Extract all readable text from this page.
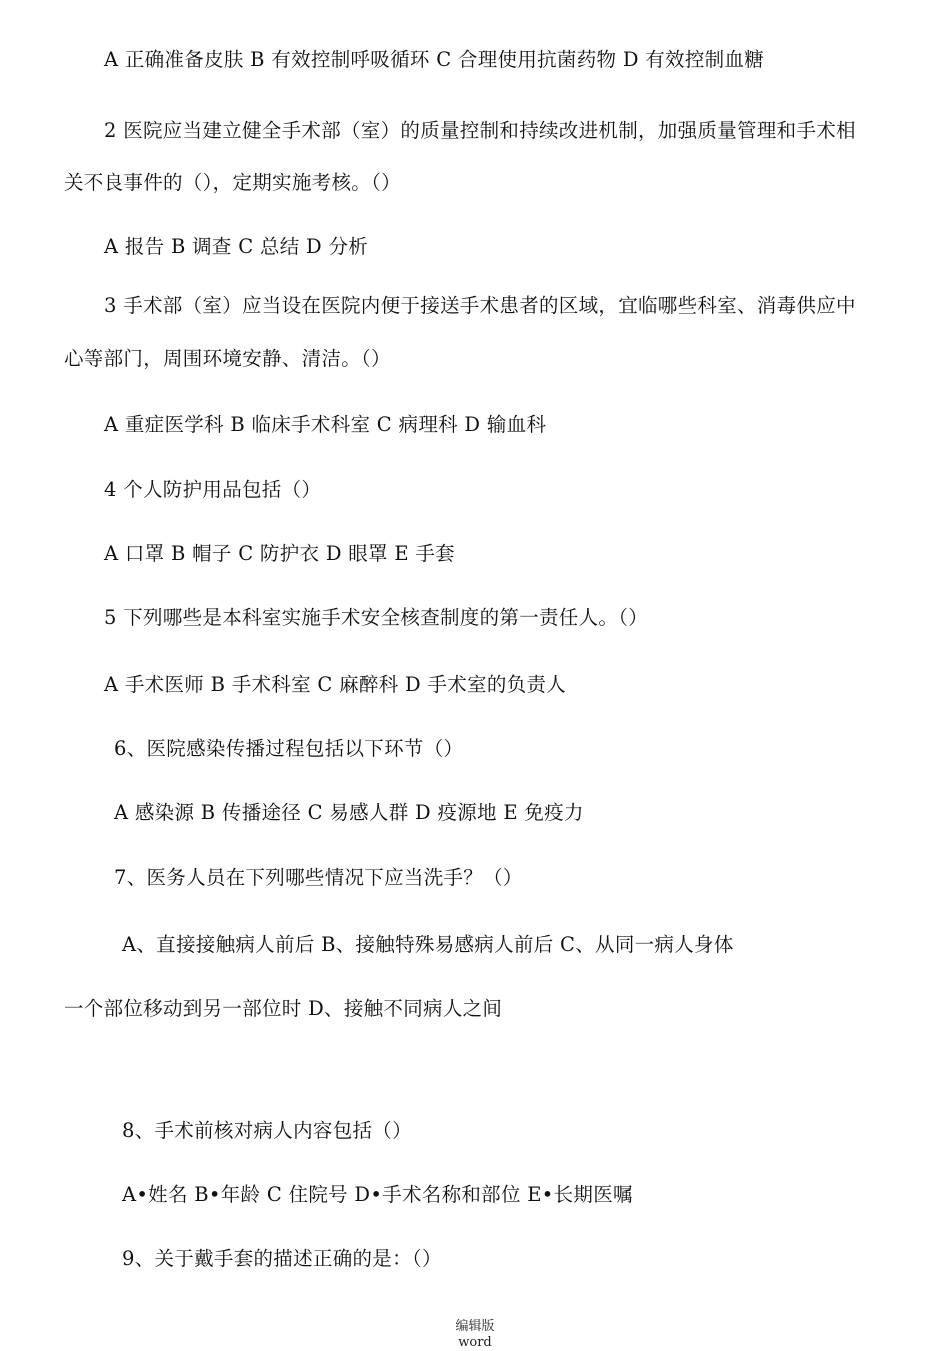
A 正确准备皮肤 B 有效控制呼吸循环 C 合理使用抗菌药物 D 有效控制血糖
2 医院应当建立健全手术部（室）的质量控制和持续改进机制，加强质量管理和手术相
关不良事件的（），定期实施考核。（）
A 报告 B 调查 C 总结 D 分析
3 手术部（室）应当设在医院内便于接送手术患者的区域，宜临哪些科室、消毒供应中
心等部门，周围环境安静、清洁。（）
A 重症医学科 B 临床手术科室 C 病理科 D 输血科
4 个人防护用品包括（）
A 口罩 B 帽子 C 防护衣 D 眼罩 E 手套
5 下列哪些是本科室实施手术安全核查制度的第一责任人。（）
A 手术医师 B 手术科室 C 麻醉科 D 手术室的负责人
6、医院感染传播过程包括以下环节（）
A 感染源 B 传播途径 C 易感人群 D 疫源地 E 免疫力
7、医务人员在下列哪些情况下应当洗手？（）
A、直接接触病人前后 B、接触特殊易感病人前后 C、从同一病人身体
一个部位移动到另一部位时 D、接触不同病人之间
8、手术前核对病人内容包括（）
A•姓名 B•年龄 C 住院号 D•手术名称和部位 E•长期医嘱
9、关于戴手套的描述正确的是：（）
编辑版
word
